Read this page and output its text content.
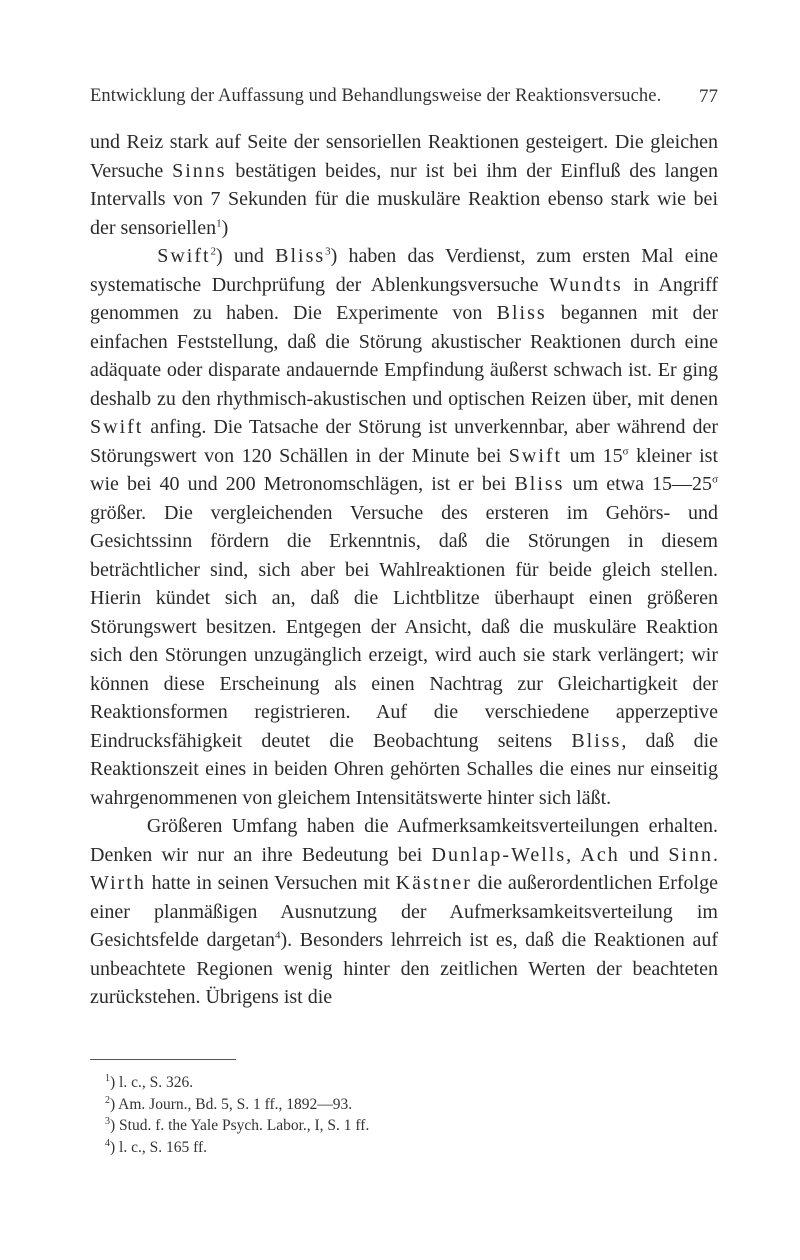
Entwicklung der Auffassung und Behandlungsweise der Reaktionsversuche. 77

und Reiz stark auf Seite der sensoriellen Reaktionen gesteigert. Die gleichen Versuche Sinns bestätigen beides, nur ist bei ihm der Einfluß des langen Intervalls von 7 Sekunden für die muskuläre Reaktion ebenso stark wie bei der sensoriellen$^1$)

Swift$^2$) und Bliss$^3$) haben das Verdienst, zum ersten Mal eine systematische Durchprüfung der Ablenkungsversuche Wundts in Angriff genommen zu haben. Die Experimente von Bliss begannen mit der einfachen Feststellung, daß die Störung akustischer Reaktionen durch eine adäquate oder disparate andauernde Empfindung äußerst schwach ist. Er ging deshalb zu den rhythmisch-akustischen und optischen Reizen über, mit denen Swift anfing. Die Tatsache der Störung ist unverkennbar, aber während der Störungswert von 120 Schällen in der Minute bei Swift um $15^\sigma$ kleiner ist wie bei 40 und 200 Metronomschlägen, ist er bei Bliss um etwa $15—25^\sigma$ größer. Die vergleichenden Versuche des ersteren im Gehörs- und Gesichtssinn fördern die Erkenntnis, daß die Störungen in diesem beträchtlicher sind, sich aber bei Wahlreaktionen für beide gleich stellen. Hierin kündet sich an, daß die Lichtblitze überhaupt einen größeren Störungswert besitzen. Entgegen der Ansicht, daß die muskuläre Reaktion sich den Störungen unzugänglich erzeigt, wird auch sie stark verlängert; wir können diese Erscheinung als einen Nachtrag zur Gleichartigkeit der Reaktionsformen registrieren. Auf die verschiedene apperzeptive Eindrucksfähigkeit deutet die Beobachtung seitens Bliss, daß die Reaktionszeit eines in beiden Ohren gehörten Schalles die eines nur einseitig wahrgenommenen von gleichem Intensitätswerte hinter sich läßt.

Größeren Umfang haben die Aufmerksamkeitsverteilungen erhalten. Denken wir nur an ihre Bedeutung bei Dunlap-Wells, Ach und Sinn. Wirth hatte in seinen Versuchen mit Kästner die außerordentlichen Erfolge einer planmäßigen Ausnutzung der Aufmerksamkeitsverteilung im Gesichtsfelde dargetan$^4$). Besonders lehrreich ist es, daß die Reaktionen auf unbeachtete Regionen wenig hinter den zeitlichen Werten der beachteten zurückstehen. Übrigens ist die

$^1$) l. c., S. 326.
$^2$) Am. Journ., Bd. 5, S. 1 ff., 1892—93.
$^3$) Stud. f. the Yale Psych. Labor., I, S. 1 ff.
$^4$) l. c., S. 165 ff.
